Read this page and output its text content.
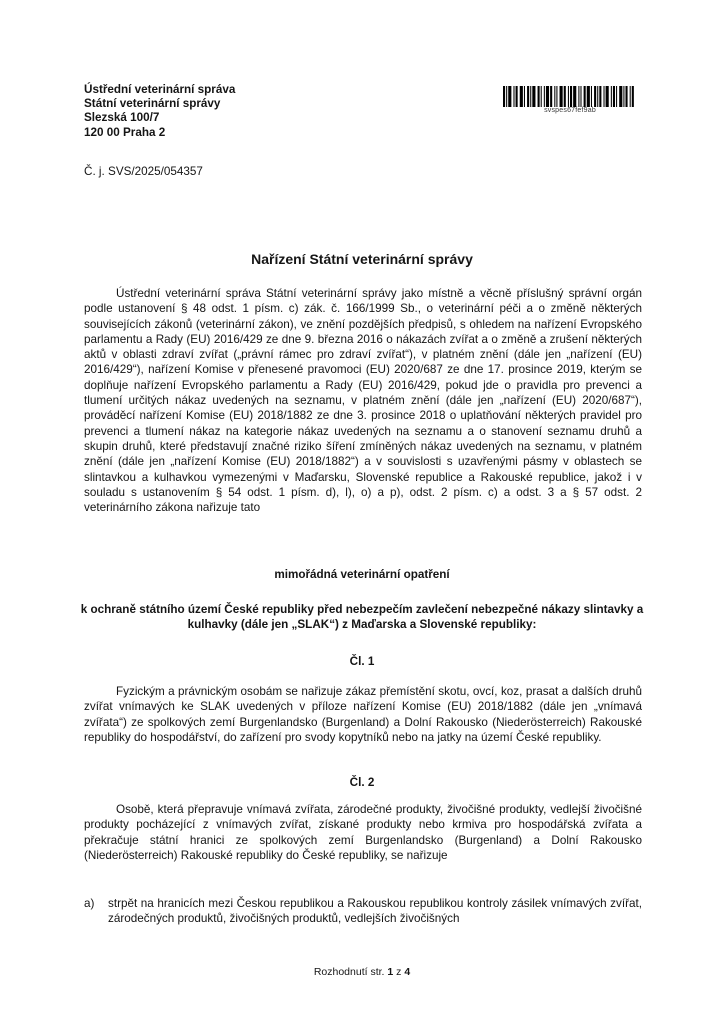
Ústřední veterinární správa
Státní veterinární správy
Slezská 100/7
120 00 Praha 2
Č. j. SVS/2025/054357
svspes67fef9ab
Nařízení Státní veterinární správy
Ústřední veterinární správa Státní veterinární správy jako místně a věcně příslušný správní orgán podle ustanovení § 48 odst. 1 písm. c) zák. č. 166/1999 Sb., o veterinární péči a o změně některých souvisejících zákonů (veterinární zákon), ve znění pozdějších předpisů, s ohledem na nařízení Evropského parlamentu a Rady (EU) 2016/429 ze dne 9. března 2016 o nákazách zvířat a o změně a zrušení některých aktů v oblasti zdraví zvířat („právní rámec pro zdraví zvířat“), v platném znění (dále jen „nařízení (EU) 2016/429“), nařízení Komise v přenesené pravomoci (EU) 2020/687 ze dne 17. prosince 2019, kterým se doplňuje nařízení Evropského parlamentu a Rady (EU) 2016/429, pokud jde o pravidla pro prevenci a tlumení určitých nákaz uvedených na seznamu, v platném znění (dále jen „nařízení (EU) 2020/687“), prováděcí nařízení Komise (EU) 2018/1882 ze dne 3. prosince 2018 o uplatňování některých pravidel pro prevenci a tlumení nákaz na kategorie nákaz uvedených na seznamu a o stanovení seznamu druhů a skupin druhů, které představují značné riziko šíření zmíněných nákaz uvedených na seznamu, v platném znění (dále jen „nařízení Komise (EU) 2018/1882“) a v souvislosti s uzavřenými pásmy v oblastech se slintavkou a kulhavkou vymezenými v Maďarsku, Slovenské republice a Rakouské republice, jakož i v souladu s ustanovením § 54 odst. 1 písm. d), l), o) a p), odst. 2 písm. c) a odst. 3 a § 57 odst. 2 veterinárního zákona nařizuje tato
mimořádná veterinární opatření
k ochraně státního území České republiky před nebezpečím zavlečení nebezpečné nákazy slintavky a kulhavky (dále jen „SLAK“) z Maďarska a Slovenské republiky:
Čl. 1
Fyzickým a právnickým osobám se nařizuje zákaz přemístění skotu, ovcí, koz, prasat a dalších druhů zvířat vnímavých ke SLAK uvedených v příloze nařízení Komise (EU) 2018/1882 (dále jen „vnímavá zvířata“) ze spolkových zemí Burgenlandsko (Burgenland) a Dolní Rakousko (Niederösterreich) Rakouské republiky do hospodářství, do zařízení pro svody kopytníků nebo na jatky na území České republiky.
Čl. 2
Osobě, která přepravuje vnímavá zvířata, zárodečné produkty, živočišné produkty, vedlejší živočišné produkty pocházející z vnímavých zvířat, získané produkty nebo krmiva pro hospodářská zvířata a překračuje státní hranici ze spolkových zemí Burgenlandsko (Burgenland) a Dolní Rakousko (Niederösterreich) Rakouské republiky do České republiky, se nařizuje
a)	strpět na hranicích mezi Českou republikou a Rakouskou republikou kontroly zásilek vnímavých zvířat, zárodečných produktů, živočišných produktů, vedlejších živočišných
Rozhodnutí str. 1 z 4
